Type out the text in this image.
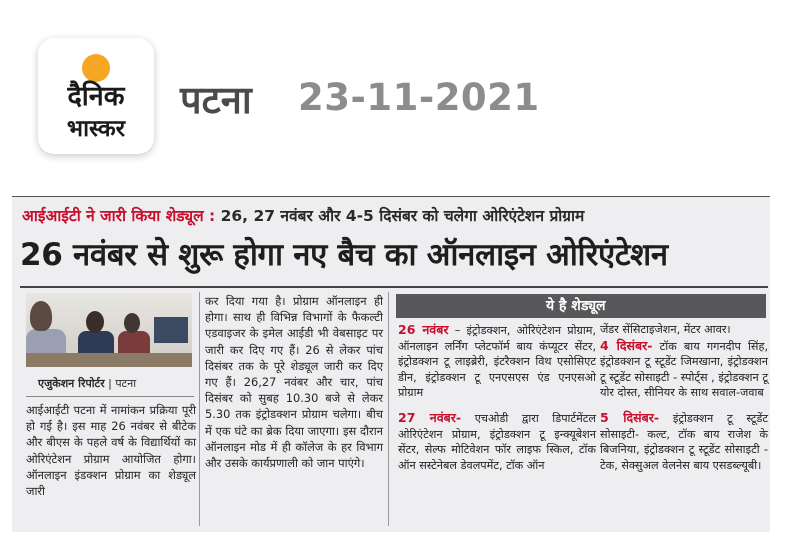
दैनिक
भास्कर
पटना 23-11-2021
आईआईटी ने जारी किया शेड्यूल : 26, 27 नवंबर और 4-5 दिसंबर को चलेगा ओरिएंटेशन प्रोग्राम
26 नवंबर से शुरू होगा नए बैच का ऑनलाइन ओरिएंटेशन
एजुकेशन रिपोर्टर | पटना
आईआईटी पटना में नामांकन प्रक्रिया पूरी हो गई है। इस माह 26 नवंबर से बीटेक और बीएस के पहले वर्ष के विद्यार्थियों का ओरिएंटेशन प्रोग्राम आयोजित होगा। ऑनलाइन इंडक्शन प्रोग्राम का शेड्यूल जारी
कर दिया गया है। प्रोग्राम ऑनलाइन ही होगा। साथ ही विभिन्न विभागों के फैकल्टी एडवाइजर के इमेल आईडी भी वेबसाइट पर जारी कर दिए गए हैं। 26 से लेकर पांच दिसंबर तक के पूरे शेड्यूल जारी कर दिए गए हैं। 26,27 नवंबर और चार, पांच दिसंबर को सुबह 10.30 बजे से लेकर 5.30 तक इंट्रोडक्शन प्रोग्राम चलेगा। बीच में एक घंटे का ब्रेक दिया जाएगा। इस दौरान ऑनलाइन मोड में ही कॉलेज के हर विभाग और उसके कार्यप्रणाली को जान पाएंगे।
ये है शेड्यूल
26 नवंबर – इंट्रोडक्शन, ओरिएंटेशन प्रोग्राम, ऑनलाइन लर्निंग प्लेटफॉर्म बाय कंप्यूटर सेंटर, इंट्रोडक्शन टू लाइब्रेरी, इंटरैक्शन विथ एसोसिएट डीन, इंट्रोडक्शन टू एनएसएस एंड एनएसओ प्रोग्राम
27 नवंबर- एचओडी द्वारा डिपार्टमेंटल ओरिएंटेशन प्रोग्राम, इंट्रोडक्शन टू इन्क्यूबेशन सेंटर, सेल्फ मोटिवेशन फॉर लाइफ स्किल, टॉक ऑन सस्टेनेबल डेवलपमेंट, टॉक ऑन
जेंडर सेंसिटाइजेशन, मेंटर आवर।
4 दिसंबर- टॉक बाय गगनदीप सिंह, इंट्रोडक्शन टू स्टूडेंट जिमखाना, इंट्रोडक्शन टू स्टूडेंट सोसाइटी - स्पोर्ट्स , इंट्रोडक्शन टू योर दोस्त, सीनियर के साथ सवाल-जवाब
5 दिसंबर- इंट्रोडक्शन टू स्टूडेंट सोसाइटी- कल्ट, टॉक बाय राजेश के बिजनिया, इंट्रोडक्शन टू स्टूडेंट सोसाइटी - टेक, सेक्सुअल वेलनेस बाय एसडब्ल्यूबी।
